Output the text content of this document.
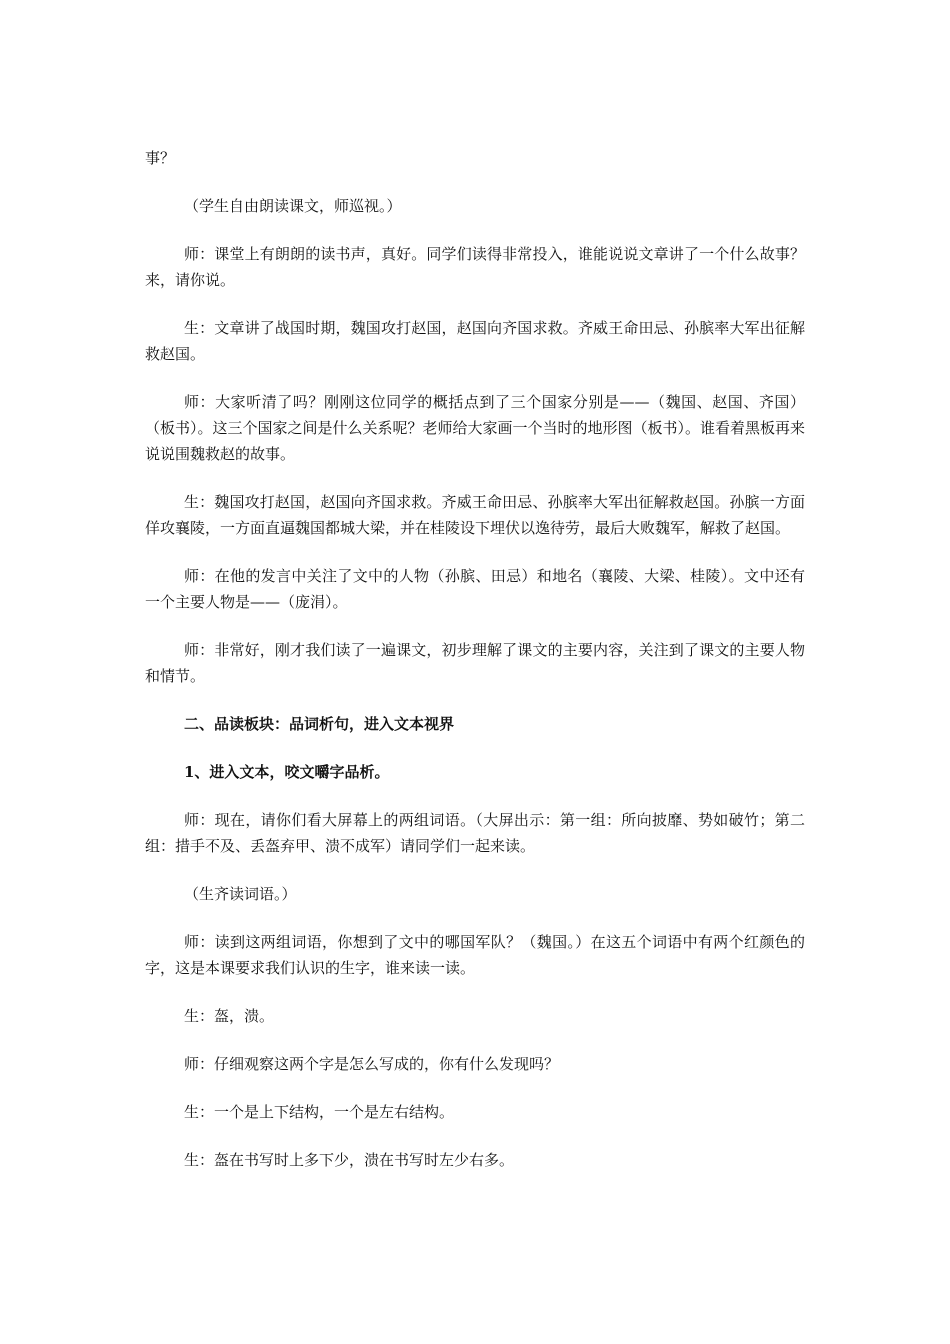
事？

（学生自由朗读课文，师巡视。）

师：课堂上有朗朗的读书声，真好。同学们读得非常投入，谁能说说文章讲了一个什么故事？来，请你说。

生：文章讲了战国时期，魏国攻打赵国，赵国向齐国求救。齐威王命田忌、孙膑率大军出征解救赵国。

师：大家听清了吗？刚刚这位同学的概括点到了三个国家分别是——（魏国、赵国、齐国）（板书）。这三个国家之间是什么关系呢？老师给大家画一个当时的地形图（板书）。谁看着黑板再来说说围魏救赵的故事。

生：魏国攻打赵国，赵国向齐国求救。齐威王命田忌、孙膑率大军出征解救赵国。孙膑一方面佯攻襄陵，一方面直逼魏国都城大梁，并在桂陵设下埋伏以逸待劳，最后大败魏军，解救了赵国。

师：在他的发言中关注了文中的人物（孙膑、田忌）和地名（襄陵、大梁、桂陵）。文中还有一个主要人物是——（庞涓）。

师：非常好，刚才我们读了一遍课文，初步理解了课文的主要内容，关注到了课文的主要人物和情节。

二、品读板块：品词析句，进入文本视界

1、进入文本，咬文嚼字品析。

师：现在，请你们看大屏幕上的两组词语。（大屏出示：第一组：所向披靡、势如破竹；第二组：措手不及、丢盔弃甲、溃不成军）请同学们一起来读。

（生齐读词语。）

师：读到这两组词语，你想到了文中的哪国军队？（魏国。）在这五个词语中有两个红颜色的字，这是本课要求我们认识的生字，谁来读一读。

生：盔，溃。

师：仔细观察这两个字是怎么写成的，你有什么发现吗？

生：一个是上下结构，一个是左右结构。

生：盔在书写时上多下少，溃在书写时左少右多。
